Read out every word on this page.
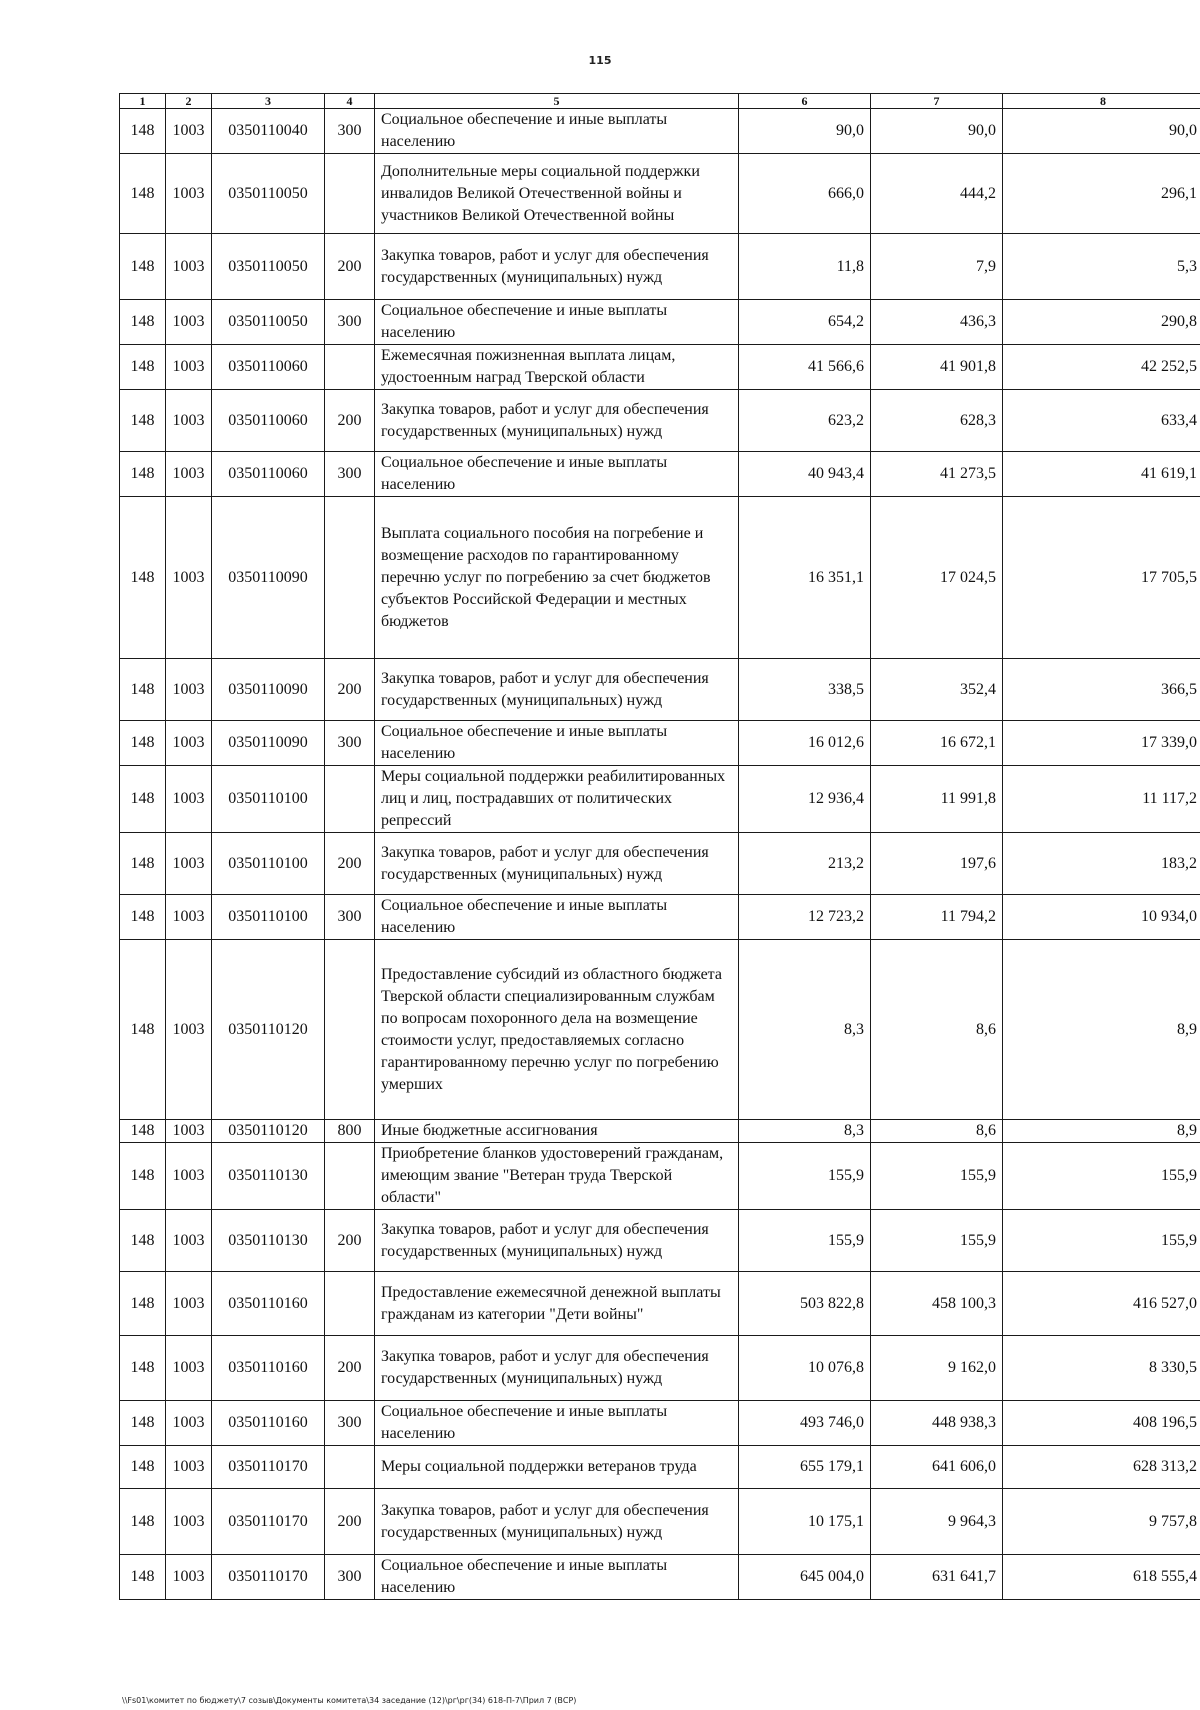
115
1	2	3	4	5	6	7	8
148	1003	0350110040	300	Социальное обеспечение и иные выплаты населению	90,0	90,0	90,0
148	1003	0350110050		Дополнительные меры социальной поддержки инвалидов Великой Отечественной войны и участников Великой Отечественной войны	666,0	444,2	296,1
148	1003	0350110050	200	Закупка товаров, работ и услуг для обеспечения государственных (муниципальных) нужд	11,8	7,9	5,3
148	1003	0350110050	300	Социальное обеспечение и иные выплаты населению	654,2	436,3	290,8
148	1003	0350110060		Ежемесячная пожизненная выплата лицам, удостоенным наград Тверской области	41 566,6	41 901,8	42 252,5
148	1003	0350110060	200	Закупка товаров, работ и услуг для обеспечения государственных (муниципальных) нужд	623,2	628,3	633,4
148	1003	0350110060	300	Социальное обеспечение и иные выплаты населению	40 943,4	41 273,5	41 619,1
148	1003	0350110090		Выплата социального пособия на погребение и возмещение расходов по гарантированному перечню услуг по погребению за счет бюджетов субъектов Российской Федерации и местных бюджетов	16 351,1	17 024,5	17 705,5
148	1003	0350110090	200	Закупка товаров, работ и услуг для обеспечения государственных (муниципальных) нужд	338,5	352,4	366,5
148	1003	0350110090	300	Социальное обеспечение и иные выплаты населению	16 012,6	16 672,1	17 339,0
148	1003	0350110100		Меры социальной поддержки реабилитированных лиц и лиц, пострадавших от политических репрессий	12 936,4	11 991,8	11 117,2
148	1003	0350110100	200	Закупка товаров, работ и услуг для обеспечения государственных (муниципальных) нужд	213,2	197,6	183,2
148	1003	0350110100	300	Социальное обеспечение и иные выплаты населению	12 723,2	11 794,2	10 934,0
148	1003	0350110120		Предоставление субсидий из областного бюджета Тверской области специализированным службам по вопросам похоронного дела на возмещение стоимости услуг, предоставляемых согласно гарантированному перечню услуг по погребению умерших	8,3	8,6	8,9
148	1003	0350110120	800	Иные бюджетные ассигнования	8,3	8,6	8,9
148	1003	0350110130		Приобретение бланков удостоверений гражданам, имеющим звание "Ветеран труда Тверской области"	155,9	155,9	155,9
148	1003	0350110130	200	Закупка товаров, работ и услуг для обеспечения государственных (муниципальных) нужд	155,9	155,9	155,9
148	1003	0350110160		Предоставление ежемесячной денежной выплаты гражданам из категории "Дети войны"	503 822,8	458 100,3	416 527,0
148	1003	0350110160	200	Закупка товаров, работ и услуг для обеспечения государственных (муниципальных) нужд	10 076,8	9 162,0	8 330,5
148	1003	0350110160	300	Социальное обеспечение и иные выплаты населению	493 746,0	448 938,3	408 196,5
148	1003	0350110170		Меры социальной поддержки ветеранов труда	655 179,1	641 606,0	628 313,2
148	1003	0350110170	200	Закупка товаров, работ и услуг для обеспечения государственных (муниципальных) нужд	10 175,1	9 964,3	9 757,8
148	1003	0350110170	300	Социальное обеспечение и иные выплаты населению	645 004,0	631 641,7	618 555,4
\\Fs01\комитет по бюджету\7 созыв\Документы комитета\34 заседание (12)\рг\рг(34) 618-П-7\Прил 7 (ВСР)
